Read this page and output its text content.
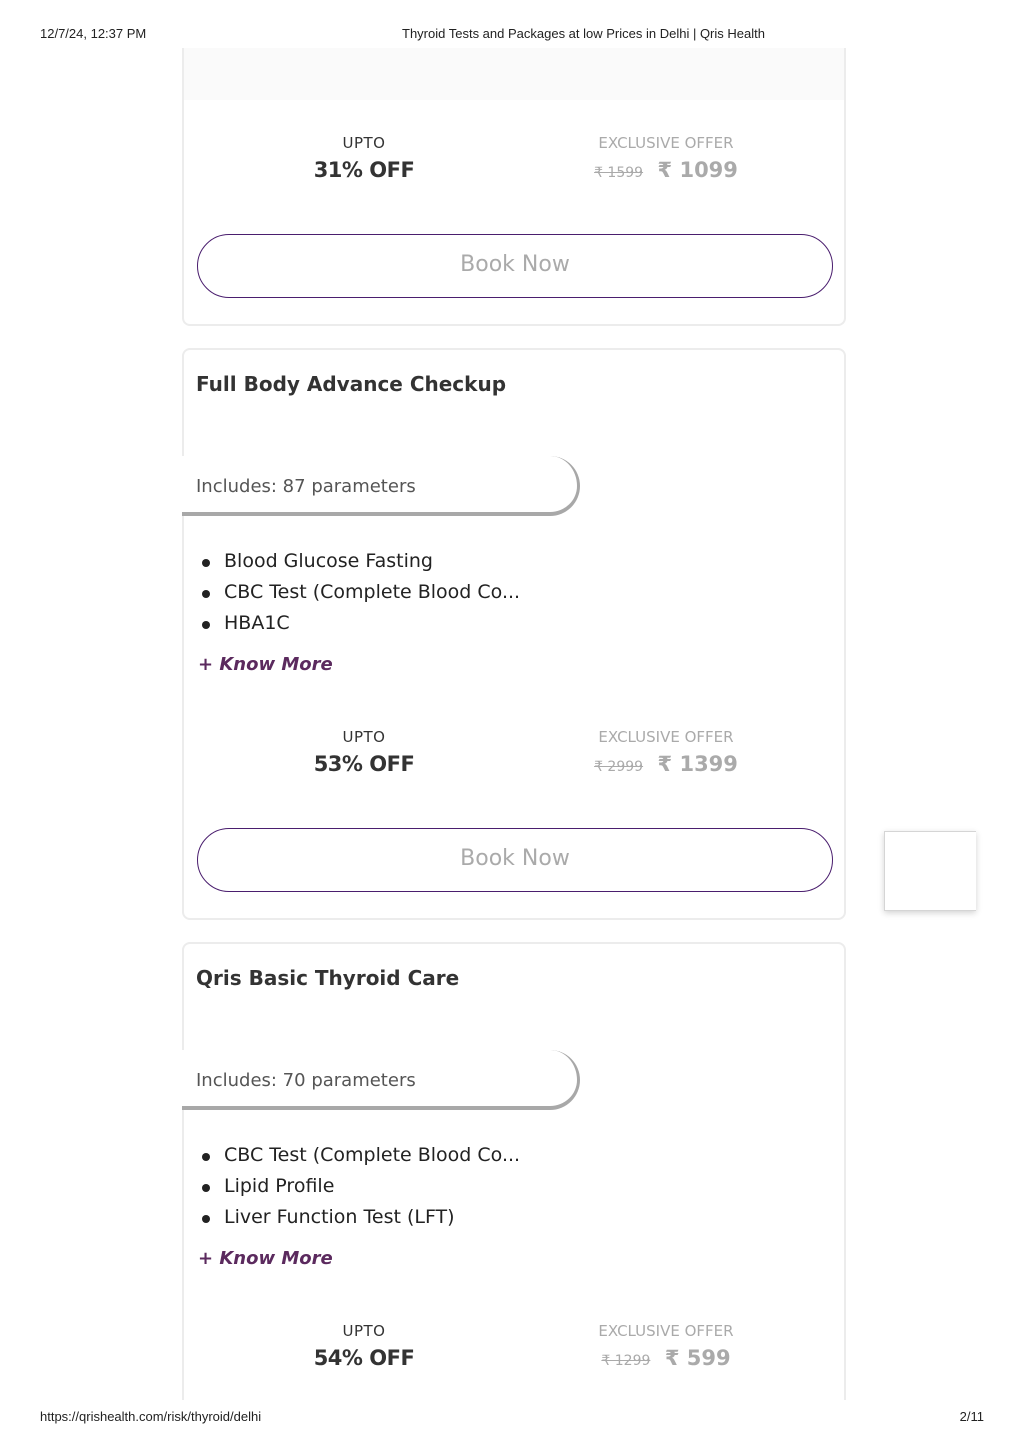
12/7/24, 12:37 PM	Thyroid Tests and Packages at low Prices in Delhi | Qris Health
UPTO
31% OFF
EXCLUSIVE OFFER
₹ 1599 ₹ 1099
Book Now
Full Body Advance Checkup
Includes: 87 parameters
Blood Glucose Fasting
CBC Test (Complete Blood Co...
HBA1C
+ Know More
UPTO
53% OFF
EXCLUSIVE OFFER
₹ 2999 ₹ 1399
Book Now
Qris Basic Thyroid Care
Includes: 70 parameters
CBC Test (Complete Blood Co...
Lipid Profile
Liver Function Test (LFT)
+ Know More
UPTO
54% OFF
EXCLUSIVE OFFER
₹ 1299 ₹ 599
https://qrishealth.com/risk/thyroid/delhi	2/11
